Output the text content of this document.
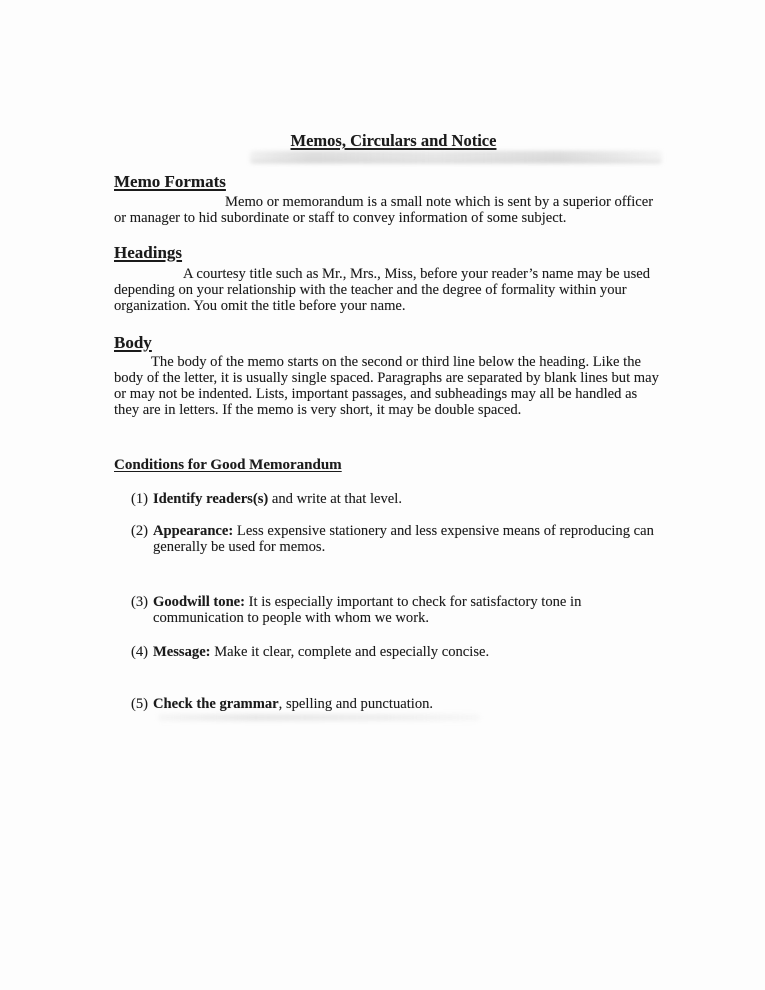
Memos, Circulars and Notice
Memo Formats
Memo or memorandum is a small note which is sent by a superior officer
or manager to hid subordinate or staff to convey information of some subject.
Headings
A courtesy title such as Mr., Mrs., Miss, before your reader’s name may be used
depending on your relationship with the teacher and the degree of formality within your
organization. You omit the title before your name.
Body
The body of the memo starts on the second or third line below the heading. Like the
body of the letter, it is usually single spaced. Paragraphs are separated by blank lines but may
or may not be indented. Lists, important passages, and subheadings may all be handled as
they are in letters. If the memo is very short, it may be double spaced.
Conditions for Good Memorandum
(1) Identify readers(s) and write at that level.
(2) Appearance: Less expensive stationery and less expensive means of reproducing can
generally be used for memos.
(3) Goodwill tone: It is especially important to check for satisfactory tone in
communication to people with whom we work.
(4) Message: Make it clear, complete and especially concise.
(5) Check the grammar, spelling and punctuation.
